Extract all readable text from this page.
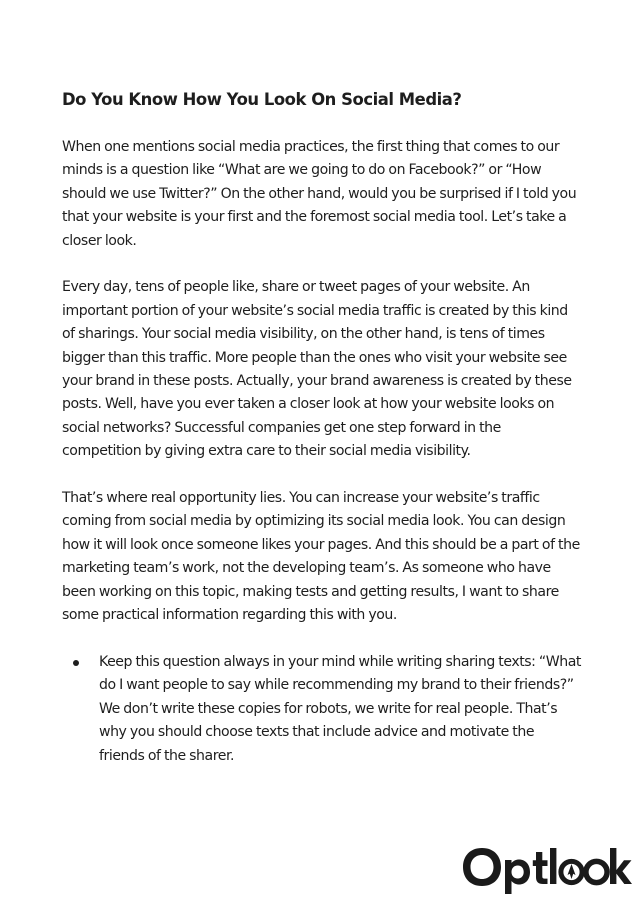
Do You Know How You Look On Social Media?

When one mentions social media practices, the first thing that comes to our minds is a question like “What are we going to do on Facebook?” or “How should we use Twitter?” On the other hand, would you be surprised if I told you that your website is your first and the foremost social media tool. Let’s take a closer look.

Every day, tens of people like, share or tweet pages of your website. An important portion of your website’s social media traffic is created by this kind of sharings. Your social media visibility, on the other hand, is tens of times bigger than this traffic. More people than the ones who visit your website see your brand in these posts. Actually, your brand awareness is created by these posts. Well, have you ever taken a closer look at how your website looks on social networks? Successful companies get one step forward in the competition by giving extra care to their social media visibility.

That’s where real opportunity lies. You can increase your website’s traffic coming from social media by optimizing its social media look. You can design how it will look once someone likes your pages. And this should be a part of the marketing team’s work, not the developing team’s. As someone who have been working on this topic, making tests and getting results, I want to share some practical information regarding this with you.

Keep this question always in your mind while writing sharing texts: “What do I want people to say while recommending my brand to their friends?” We don’t write these copies for robots, we write for real people. That’s why you should choose texts that include advice and motivate the friends of the sharer.
